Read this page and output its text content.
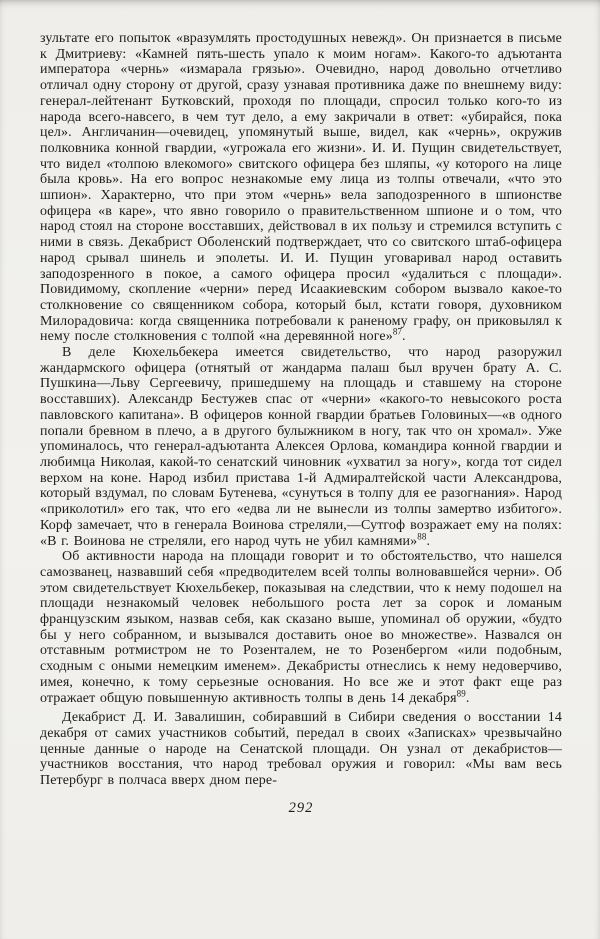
зультате его попыток «вразумлять простодушных невежд». Он признается в письме к Дмитриеву: «Камней пять-шесть упало к моим ногам». Какого-то адъютанта императора «чернь» «измарала грязью». Очевидно, народ довольно отчетливо отличал одну сторону от другой, сразу узнавая противника даже по внешнему виду: генерал-лейтенант Бутковский, проходя по площади, спросил только кого-то из народа всего-навсего, в чем тут дело, а ему закричали в ответ: «убирайся, пока цел». Англичанин—очевидец, упомянутый выше, видел, как «чернь», окружив полковника конной гвардии, «угрожала его жизни». И. И. Пущин свидетельствует, что видел «толпою влекомого» свитского офицера без шляпы, «у которого на лице была кровь». На его вопрос незнакомые ему лица из толпы отвечали, «что это шпион». Характерно, что при этом «чернь» вела заподозренного в шпионстве офицера «в каре», что явно говорило о правительственном шпионе и о том, что народ стоял на стороне восставших, действовал в их пользу и стремился вступить с ними в связь. Декабрист Оболенский подтверждает, что со свитского штаб-офицера народ срывал шинель и эполеты. И. И. Пущин уговаривал народ оставить заподозренного в покое, а самого офицера просил «удалиться с площади». Повидимому, скопление «черни» перед Исаакиевским собором вызвало какое-то столкновение со священником собора, который был, кстати говоря, духовником Милорадовича: когда священника потребовали к раненому графу, он приковылял к нему после столкновения с толпой «на деревянной ноге»$^{87}$.

В деле Кюхельбекера имеется свидетельство, что народ разоружил жандармского офицера (отнятый от жандарма палаш был вручен брату А. С. Пушкина—Льву Сергеевичу, пришедшему на площадь и ставшему на стороне восставших). Александр Бестужев спас от «черни» «какого-то невысокого роста павловского капитана». В офицеров конной гвардии братьев Головиных—«в одного попали бревном в плечо, а в другого булыжником в ногу, так что он хромал». Уже упоминалось, что генерал-адъютанта Алексея Орлова, командира конной гвардии и любимца Николая, какой-то сенатский чиновник «ухватил за ногу», когда тот сидел верхом на коне. Народ избил пристава 1-й Адмиралтейской части Александрова, который вздумал, по словам Бутенева, «сунуться в толпу для ее разогнания». Народ «приколотил» его так, что его «едва ли не вынесли из толпы замертво избитого». Корф замечает, что в генерала Воинова стреляли,—Сутгоф возражает ему на полях: «В г. Воинова не стреляли, его народ чуть не убил камнями»$^{88}$.

Об активности народа на площади говорит и то обстоятельство, что нашелся самозванец, назвавший себя «предводителем всей толпы волновавшейся черни». Об этом свидетельствует Кюхельбекер, показывая на следствии, что к нему подошел на площади незнакомый человек небольшого роста лет за сорок и ломаным французским языком, назвав себя, как сказано выше, упоминал об оружии, «будто бы у него собранном, и вызывался доставить оное во множестве». Назвался он отставным ротмистром не то Розенталем, не то Розенбергом «или подобным, сходным с оными немецким именем». Декабристы отнеслись к нему недоверчиво, имея, конечно, к тому серьезные основания. Но все же и этот факт еще раз отражает общую повышенную активность толпы в день 14 декабря$^{89}$.

Декабрист Д. И. Завалишин, собиравший в Сибири сведения о восстании 14 декабря от самих участников событий, передал в своих «Записках» чрезвычайно ценные данные о народе на Сенатской площади. Он узнал от декабристов—участников восстания, что народ требовал оружия и говорил: «Мы вам весь Петербург в полчаса вверх дном пере-

292
